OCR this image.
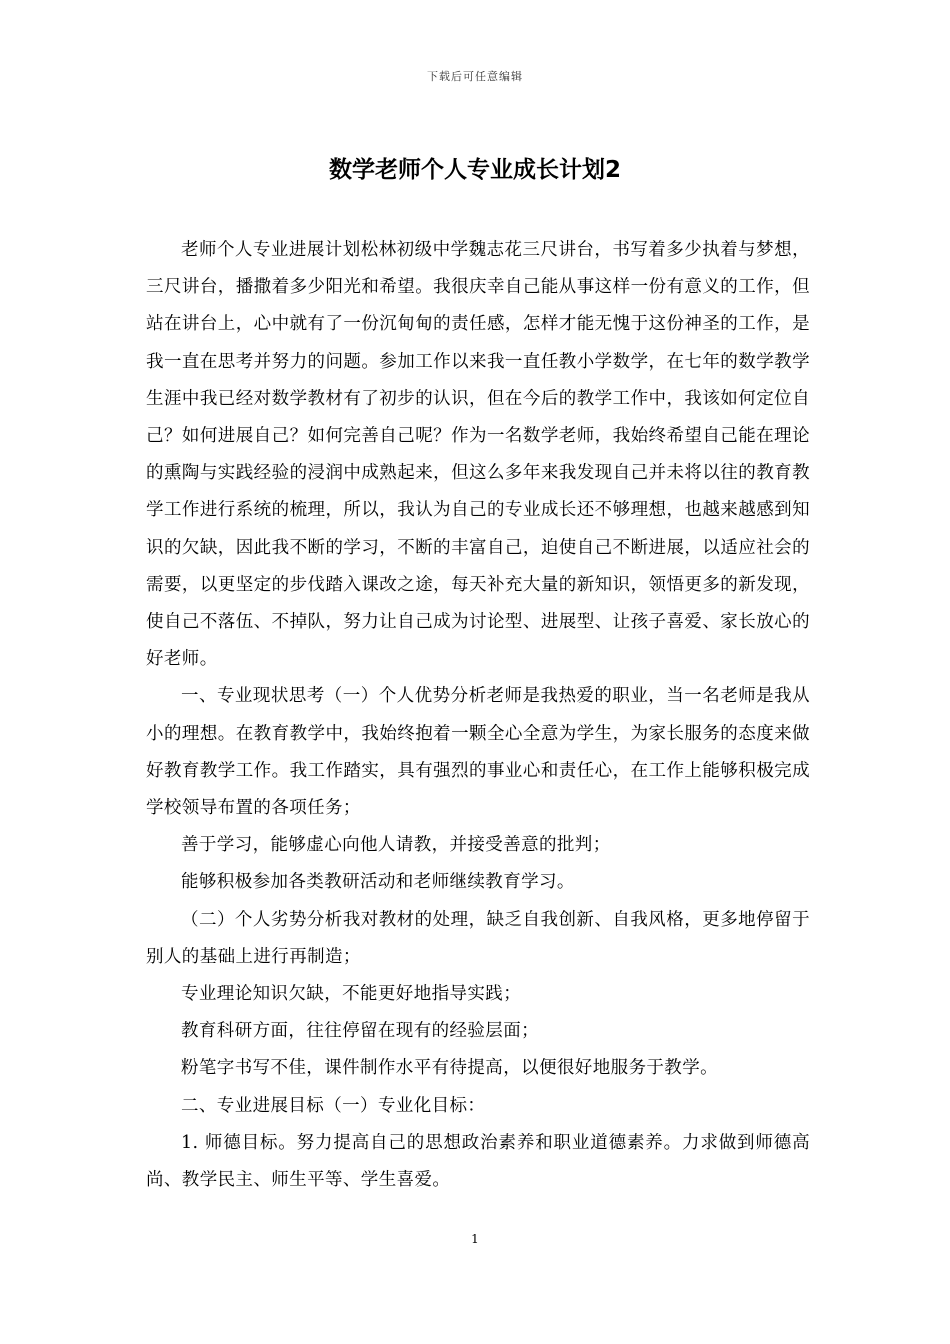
下载后可任意编辑
数学老师个人专业成长计划2

老师个人专业进展计划松林初级中学魏志花三尺讲台，书写着多少执着与梦想，三尺讲台，播撒着多少阳光和希望。我很庆幸自己能从事这样一份有意义的工作，但站在讲台上，心中就有了一份沉甸甸的责任感，怎样才能无愧于这份神圣的工作，是我一直在思考并努力的问题。参加工作以来我一直任教小学数学，在七年的数学教学生涯中我已经对数学教材有了初步的认识，但在今后的教学工作中，我该如何定位自己？如何进展自己？如何完善自己呢？作为一名数学老师，我始终希望自己能在理论的熏陶与实践经验的浸润中成熟起来，但这么多年来我发现自己并未将以往的教育教学工作进行系统的梳理，所以，我认为自己的专业成长还不够理想，也越来越感到知识的欠缺，因此我不断的学习，不断的丰富自己，迫使自己不断进展，以适应社会的需要，以更坚定的步伐踏入课改之途，每天补充大量的新知识，领悟更多的新发现，使自己不落伍、不掉队，努力让自己成为讨论型、进展型、让孩子喜爱、家长放心的好老师。

一、专业现状思考（一）个人优势分析老师是我热爱的职业，当一名老师是我从小的理想。在教育教学中，我始终抱着一颗全心全意为学生，为家长服务的态度来做好教育教学工作。我工作踏实，具有强烈的事业心和责任心，在工作上能够积极完成学校领导布置的各项任务；

善于学习，能够虚心向他人请教，并接受善意的批判；

能够积极参加各类教研活动和老师继续教育学习。

（二）个人劣势分析我对教材的处理，缺乏自我创新、自我风格，更多地停留于别人的基础上进行再制造；

专业理论知识欠缺，不能更好地指导实践；

教育科研方面，往往停留在现有的经验层面；

粉笔字书写不佳，课件制作水平有待提高，以便很好地服务于教学。

二、专业进展目标（一）专业化目标：

1. 师德目标。努力提高自己的思想政治素养和职业道德素养。力求做到师德高尚、教学民主、师生平等、学生喜爱。

1
